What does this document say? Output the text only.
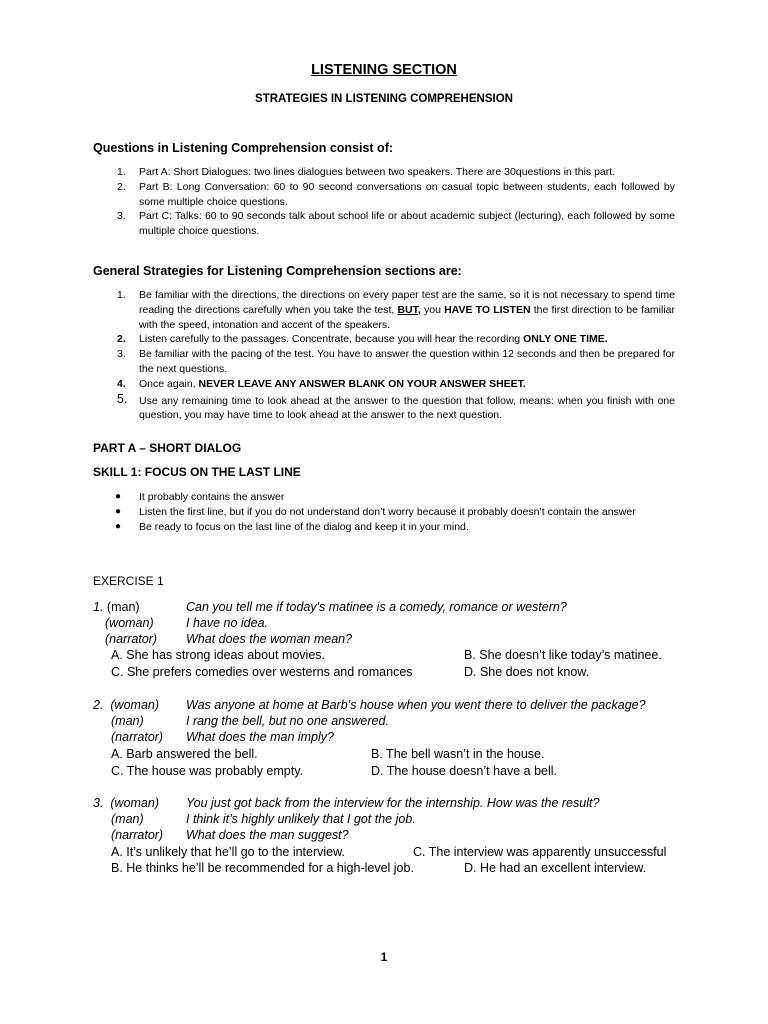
LISTENING SECTION
STRATEGIES IN LISTENING COMPREHENSION
Questions in Listening Comprehension consist of:
1. Part A: Short Dialogues: two lines dialogues between two speakers. There are 30questions in this part.
2. Part B: Long Conversation: 60 to 90 second conversations on casual topic between students, each followed by some multiple choice questions.
3. Part C: Talks: 60 to 90 seconds talk about school life or about academic subject (lecturing), each followed by some multiple choice questions.
General Strategies for Listening Comprehension sections are:
1. Be familiar with the directions, the directions on every paper test are the same, so it is not necessary to spend time reading the directions carefully when you take the test, BUT, you HAVE TO LISTEN the first direction to be familiar with the speed, intonation and accent of the speakers.
2. Listen carefully to the passages. Concentrate, because you will hear the recording ONLY ONE TIME.
3. Be familiar with the pacing of the test. You have to answer the question within 12 seconds and then be prepared for the next questions.
4. Once again, NEVER LEAVE ANY ANSWER BLANK ON YOUR ANSWER SHEET.
5. Use any remaining time to look ahead at the answer to the question that follow, means: when you finish with one question, you may have time to look ahead at the answer to the next question.
PART A – SHORT DIALOG
SKILL 1: FOCUS ON THE LAST LINE
● It probably contains the answer
● Listen the first line, but if you do not understand don’t worry because it probably doesn’t contain the answer
● Be ready to focus on the last line of the dialog and keep it in your mind.
EXERCISE 1
1. (man)	Can you tell me if today's matinee is a comedy, romance or western?
(woman)	I have no idea.
(narrator) What does the woman mean?
A. She has strong ideas about movies.	B. She doesn’t like today’s matinee.
C. She prefers comedies over westerns and romances	D. She does not know.
2. (woman) Was anyone at home at Barb’s house when you went there to deliver the package?
(man)	I rang the bell, but no one answered.
(narrator) What does the man imply?
A. Barb answered the bell.	B. The bell wasn’t in the house.
C. The house was probably empty.	D. The house doesn’t have a bell.
3. (woman) You just got back from the interview for the internship. How was the result?
(man)	I think it’s highly unlikely that I got the job.
(narrator) What does the man suggest?
A. It’s unlikely that he’ll go to the interview.	C. The interview was apparently unsuccessful
B. He thinks he’ll be recommended for a high-level job.	D. He had an excellent interview.
1
